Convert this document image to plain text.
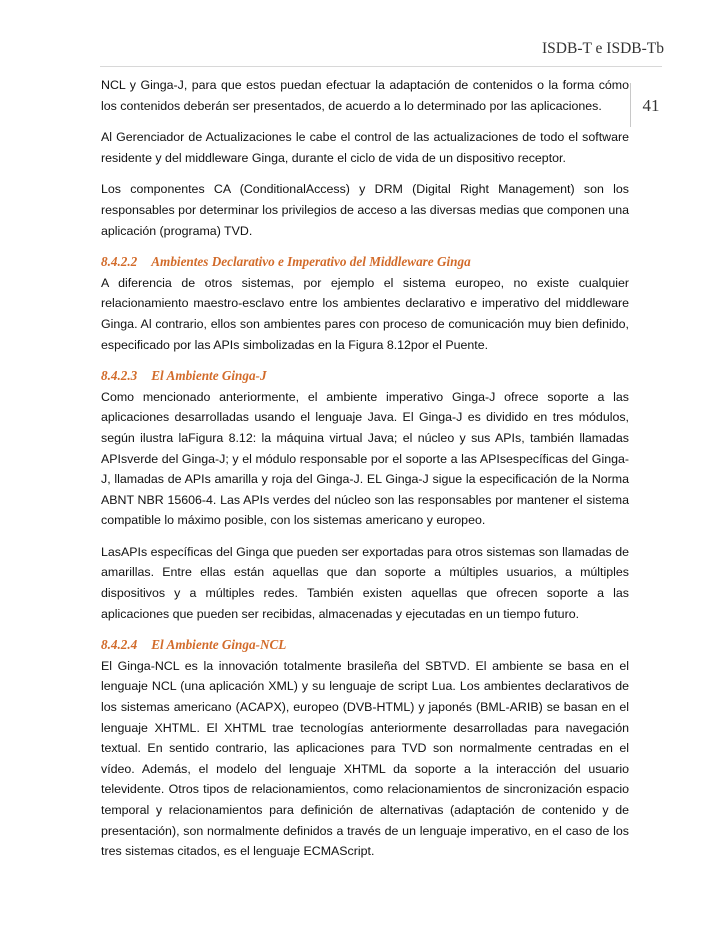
ISDB-T e ISDB-Tb
41

NCL y Ginga-J, para que estos puedan efectuar la adaptación de contenidos o la forma cómo los contenidos deberán ser presentados, de acuerdo a lo determinado por las aplicaciones.

Al Gerenciador de Actualizaciones le cabe el control de las actualizaciones de todo el software residente y del middleware Ginga, durante el ciclo de vida de un dispositivo receptor.

Los componentes CA (ConditionalAccess) y DRM (Digital Right Management) son los responsables por determinar los privilegios de acceso a las diversas medias que componen una aplicación (programa) TVD.

8.4.2.2 Ambientes Declarativo e Imperativo del Middleware Ginga

A diferencia de otros sistemas, por ejemplo el sistema europeo, no existe cualquier relacionamiento maestro-esclavo entre los ambientes declarativo e imperativo del middleware Ginga. Al contrario, ellos son ambientes pares con proceso de comunicación muy bien definido, especificado por las APIs simbolizadas en la Figura 8.12por el Puente.

8.4.2.3 El Ambiente Ginga-J

Como mencionado anteriormente, el ambiente imperativo Ginga-J ofrece soporte a las aplicaciones desarrolladas usando el lenguaje Java. El Ginga-J es dividido en tres módulos, según ilustra laFigura 8.12: la máquina virtual Java; el núcleo y sus APIs, también llamadas APIsverde del Ginga-J; y el módulo responsable por el soporte a las APIsespecíficas del Ginga-J, llamadas de APIs amarilla y roja del Ginga-J. EL Ginga-J sigue la especificación de la Norma ABNT NBR 15606-4. Las APIs verdes del núcleo son las responsables por mantener el sistema compatible lo máximo posible, con los sistemas americano y europeo.

LasAPIs específicas del Ginga que pueden ser exportadas para otros sistemas son llamadas de amarillas. Entre ellas están aquellas que dan soporte a múltiples usuarios, a múltiples dispositivos y a múltiples redes. También existen aquellas que ofrecen soporte a las aplicaciones que pueden ser recibidas, almacenadas y ejecutadas en un tiempo futuro.

8.4.2.4 El Ambiente Ginga-NCL

El Ginga-NCL es la innovación totalmente brasileña del SBTVD. El ambiente se basa en el lenguaje NCL (una aplicación XML) y su lenguaje de script Lua. Los ambientes declarativos de los sistemas americano (ACAPX), europeo (DVB-HTML) y japonés (BML-ARIB) se basan en el lenguaje XHTML. El XHTML trae tecnologías anteriormente desarrolladas para navegación textual. En sentido contrario, las aplicaciones para TVD son normalmente centradas en el vídeo. Además, el modelo del lenguaje XHTML da soporte a la interacción del usuario televidente. Otros tipos de relacionamientos, como relacionamientos de sincronización espacio temporal y relacionamientos para definición de alternativas (adaptación de contenido y de presentación), son normalmente definidos a través de un lenguaje imperativo, en el caso de los tres sistemas citados, es el lenguaje ECMAScript.
